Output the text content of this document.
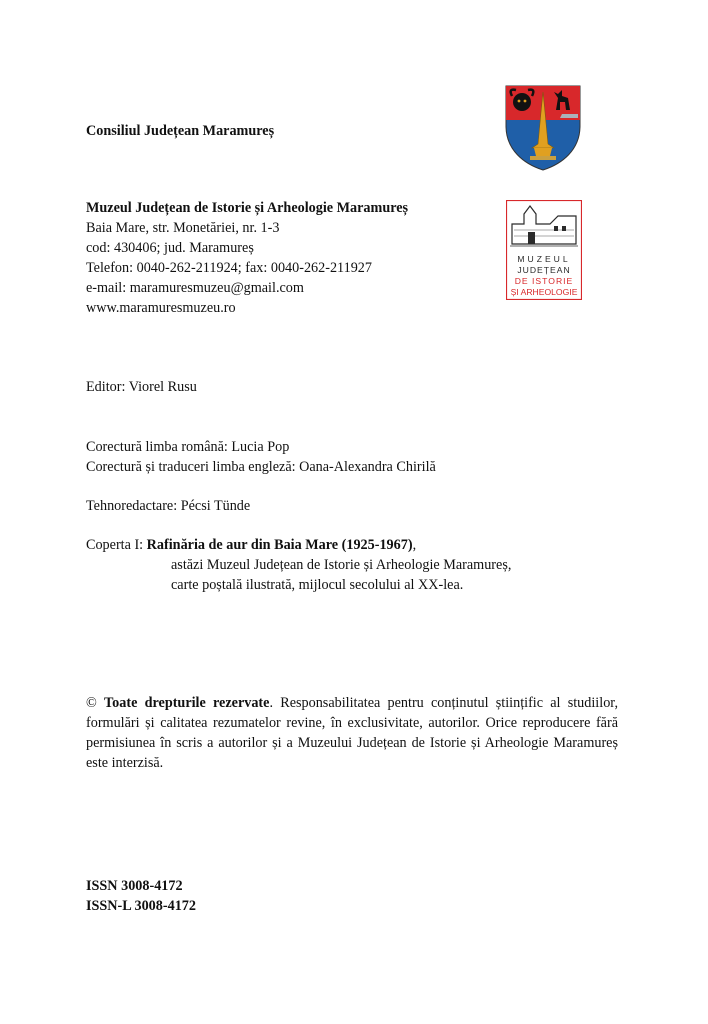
Consiliul Județean Maramureș
Muzeul Județean de Istorie și Arheologie Maramureș
Baia Mare, str. Monetăriei, nr. 1-3
cod: 430406; jud. Maramureș
Telefon: 0040-262-211924; fax: 0040-262-211927
e-mail: maramuresmuzeu@gmail.com
www.maramuresmuzeu.ro
MUZEUL
JUDEȚEAN
DE ISTORIE
ȘI ARHEOLOGIE
Editor: Viorel Rusu
Corectură limba română: Lucia Pop
Corectură și traduceri limba engleză: Oana-Alexandra Chirilă
Tehnoredactare: Pécsi Tünde
Coperta I: Rafinăria de aur din Baia Mare (1925-1967),
astăzi Muzeul Județean de Istorie și Arheologie Maramureș,
carte poștală ilustrată, mijlocul secolului al XX-lea.
© Toate drepturile rezervate. Responsabilitatea pentru conținutul științific al studiilor, formulări și calitatea rezumatelor revine, în exclusivitate, autorilor. Orice reproducere fără permisiunea în scris a autorilor și a Muzeului Județean de Istorie și Arheologie Maramureș este interzisă.
ISSN 3008-4172
ISSN-L 3008-4172
